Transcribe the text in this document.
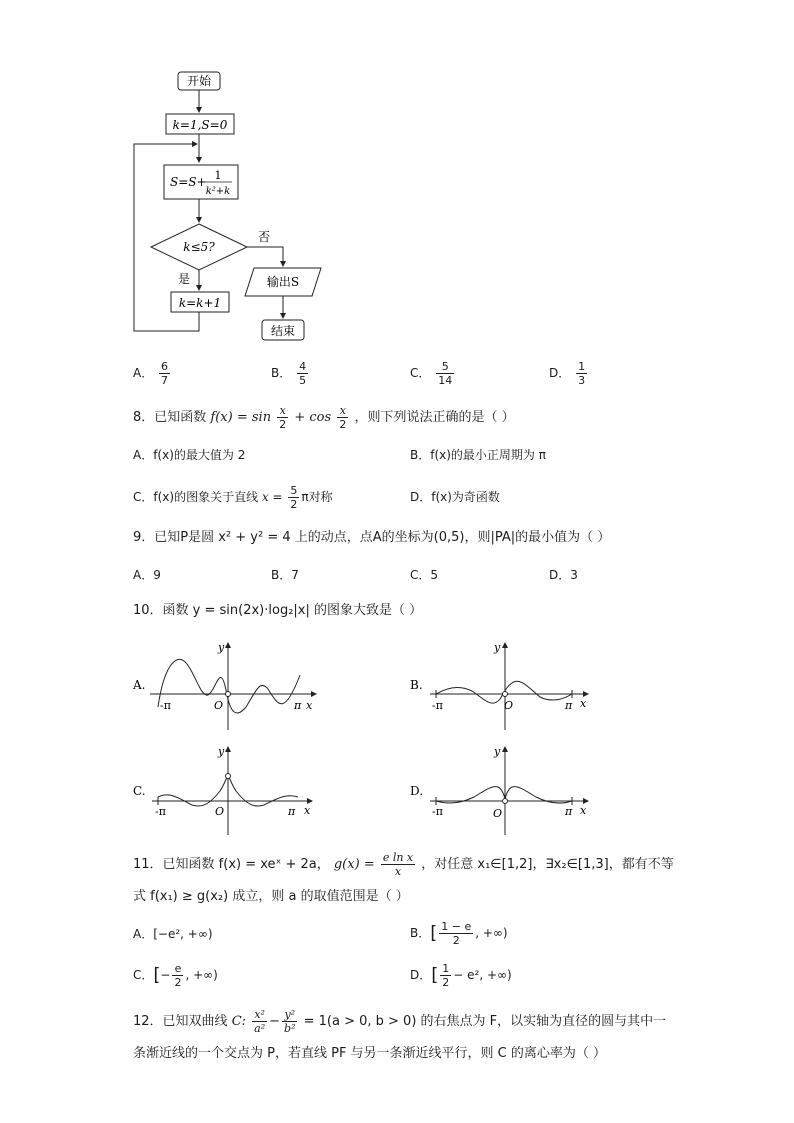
开始
k=1,S=0
S=S+ 1
k²+k
k≤5?
否
是	输出S
k=k+1
结束
A． $\frac{6}{7}$	B． $\frac{4}{5}$	C． $\frac{5}{14}$	D． $\frac{1}{3}$
8．已知函数 $f(x) = \sin \frac{x}{2} + \cos \frac{x}{2}$ ，则下列说法正确的是（ ）
A．f(x)的最大值为 2	B．f(x)的最小正周期为 π
C．f(x)的图象关于直线 $x = \frac{5}{2}$ π对称	D．f(x)为奇函数
9．已知P是圆 x² + y² = 4 上的动点，点A的坐标为(0,5)，则|PA|的最小值为（ ）
A．9	B．7	C．5	D．3
10．函数 y = sin(2x)·log₂|x| 的图象大致是（ ）
A.
-π	π x
y
O
B.
-π	π x
y
O
C.
-π	π x
y
O
D.
-π	π x
y
O
11．已知函数 f(x) = xeˣ + 2a， $g(x) = \frac{\text{e ln x}}{x}$ ，对任意 x₁∈[1,2]，∃x₂∈[1,3]，都有不等
式 f(x₁) ≥ g(x₂) 成立，则 a 的取值范围是（ ）
A．[−e², +∞)	B．[ $\frac{1 - e}{2}$ , +∞)
C．[− $\frac{e}{2}$ , +∞)	D．[ $\frac{1}{2} - e^2$, +∞)
12．已知双曲线 C: $\frac{\text{x²}}{\text{a²}} - \frac{\text{y²}}{\text{b²}} = 1(a > 0$, b > 0) 的右焦点为 F，以实轴为直径的圆与其中一
条渐近线的一个交点为 P，若直线 PF 与另一条渐近线平行，则 C 的离心率为（ ）
